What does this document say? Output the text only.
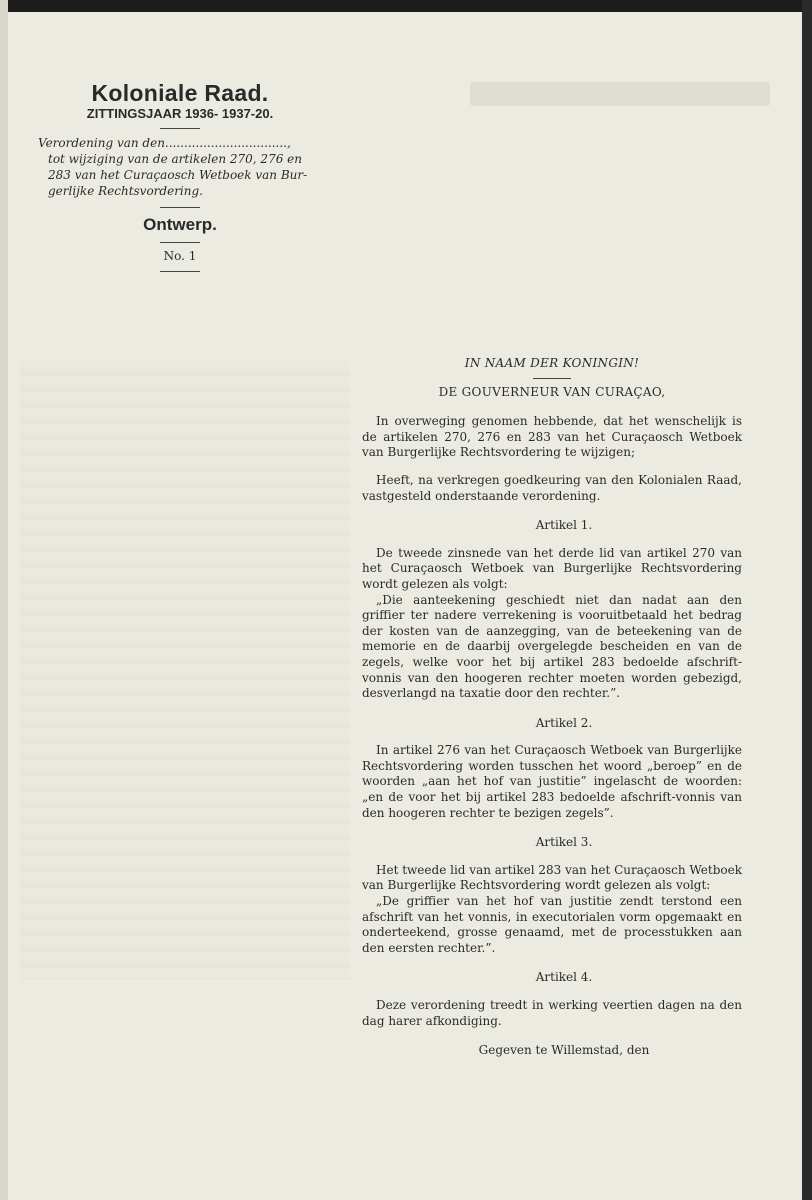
Koloniale Raad.
ZITTINGSJAAR 1936- 1937-20.
Verordening van den................................,
tot wijziging van de artikelen 270, 276 en
283 van het Curaçaosch Wetboek van Bur-
gerlijke Rechtsvordering.
Ontwerp.
No. 1
IN NAAM DER KONINGIN!
DE GOUVERNEUR VAN CURAÇAO,

In overweging genomen hebbende, dat het wenschelijk is de artikelen 270, 276 en 283 van het Curaçaosch Wetboek van Burgerlijke Rechtsvordering te wijzigen;

Heeft, na verkregen goedkeuring van den Kolonialen Raad, vastgesteld onderstaande verordening.

Artikel 1.

De tweede zinsnede van het derde lid van artikel 270 van het Curaçaosch Wetboek van Burgerlijke Rechtsvordering wordt gelezen als volgt:

„Die aanteekening geschiedt niet dan nadat aan den griffier ter nadere verrekening is vooruitbetaald het bedrag der kosten van de aanzegging, van de beteekening van de memorie en de daarbij overgelegde bescheiden en van de zegels, welke voor het bij artikel 283 bedoelde afschrift-vonnis van den hoogeren rechter moeten worden gebezigd, desverlangd na taxatie door den rechter.”.

Artikel 2.

In artikel 276 van het Curaçaosch Wetboek van Burgerlijke Rechtsvordering worden tusschen het woord „beroep” en de woorden „aan het hof van justitie” ingelascht de woorden: „en de voor het bij artikel 283 bedoelde afschrift-vonnis van den hoogeren rechter te bezigen zegels”.

Artikel 3.

Het tweede lid van artikel 283 van het Curaçaosch Wetboek van Burgerlijke Rechtsvordering wordt gelezen als volgt:

„De griffier van het hof van justitie zendt terstond een afschrift van het vonnis, in executorialen vorm opgemaakt en onderteekend, grosse genaamd, met de processtukken aan den eersten rechter.”.

Artikel 4.

Deze verordening treedt in werking veertien dagen na den dag harer afkondiging.

Gegeven te Willemstad, den
